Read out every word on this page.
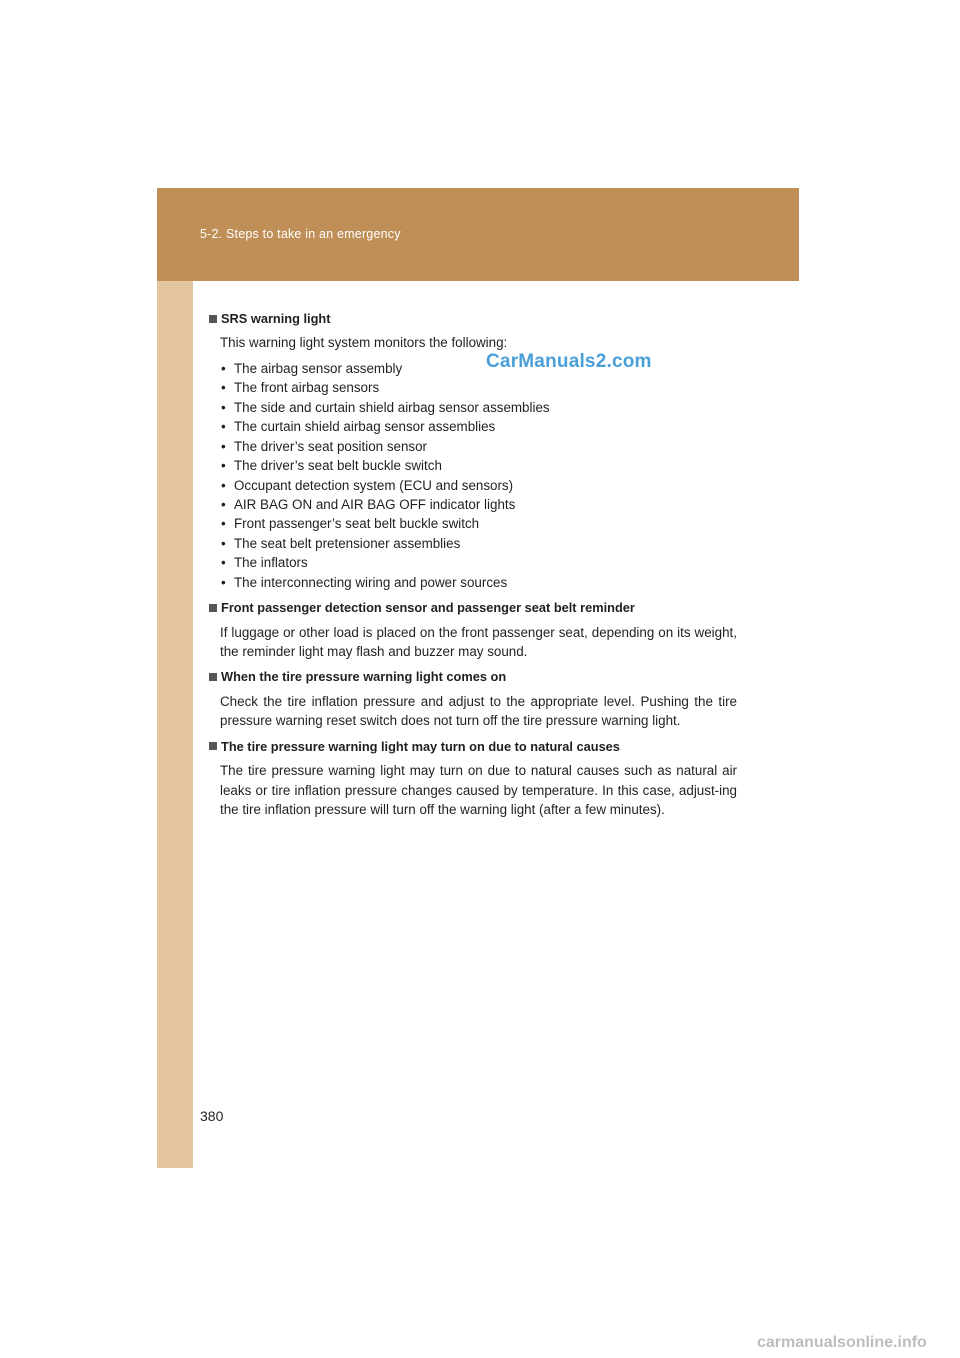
5-2. Steps to take in an emergency
CarManuals2.com
SRS warning light
This warning light system monitors the following:
• The airbag sensor assembly
• The front airbag sensors
• The side and curtain shield airbag sensor assemblies
• The curtain shield airbag sensor assemblies
• The driver’s seat position sensor
• The driver’s seat belt buckle switch
• Occupant detection system (ECU and sensors)
• AIR BAG ON and AIR BAG OFF indicator lights
• Front passenger’s seat belt buckle switch
• The seat belt pretensioner assemblies
• The inflators
• The interconnecting wiring and power sources
Front passenger detection sensor and passenger seat belt reminder
If luggage or other load is placed on the front passenger seat, depending on its weight, the reminder light may flash and buzzer may sound.
When the tire pressure warning light comes on
Check the tire inflation pressure and adjust to the appropriate level. Pushing the tire pressure warning reset switch does not turn off the tire pressure warning light.
The tire pressure warning light may turn on due to natural causes
The tire pressure warning light may turn on due to natural causes such as natural air leaks or tire inflation pressure changes caused by temperature. In this case, adjust-ing the tire inflation pressure will turn off the warning light (after a few minutes).
380
carmanualsonline.info
